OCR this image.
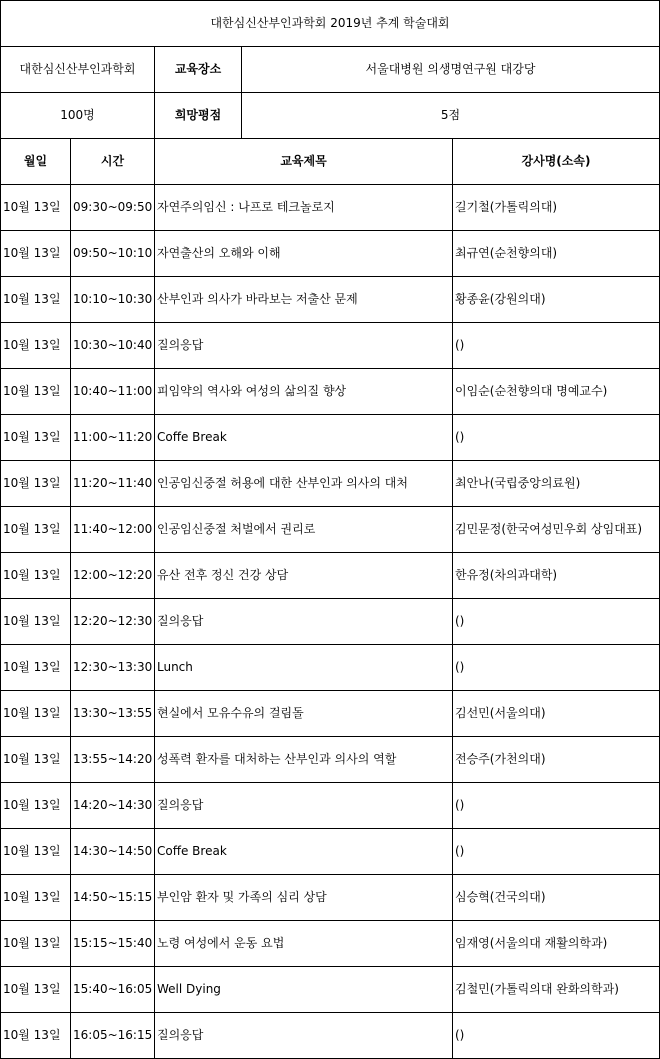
대한심신산부인과학회 2019년 추계 학술대회				
대한심신산부인과학회		교육장소	서울대병원 의생명연구원 대강당	
100명		희망평점	5점	
월일	시간	교육제목		강사명(소속)
10월 13일	09:30~09:50	자연주의임신 : 나프로 테크놀로지		길기철(가톨릭의대)
10월 13일	09:50~10:10	자연출산의 오해와 이해		최규연(순천향의대)
10월 13일	10:10~10:30	산부인과 의사가 바라보는 저출산 문제		황종윤(강원의대)
10월 13일	10:30~10:40	질의응답		()
10월 13일	10:40~11:00	피임약의 역사와 여성의 삶의질 향상		이임순(순천향의대 명예교수)
10월 13일	11:00~11:20	Coffe Break		()
10월 13일	11:20~11:40	인공임신중절 허용에 대한 산부인과 의사의 대처		최안나(국립중앙의료원)
10월 13일	11:40~12:00	인공임신중절 처벌에서 권리로		김민문정(한국여성민우회 상임대표)
10월 13일	12:00~12:20	유산 전후 정신 건강 상담		한유정(차의과대학)
10월 13일	12:20~12:30	질의응답		()
10월 13일	12:30~13:30	Lunch		()
10월 13일	13:30~13:55	현실에서 모유수유의 걸림돌		김선민(서울의대)
10월 13일	13:55~14:20	성폭력 환자를 대처하는 산부인과 의사의 역할		전승주(가천의대)
10월 13일	14:20~14:30	질의응답		()
10월 13일	14:30~14:50	Coffe Break		()
10월 13일	14:50~15:15	부인암 환자 및 가족의 심리 상담		심승혁(건국의대)
10월 13일	15:15~15:40	노령 여성에서 운동 요법		임재영(서울의대 재활의학과)
10월 13일	15:40~16:05	Well Dying		김철민(가톨릭의대 완화의학과)
10월 13일	16:05~16:15	질의응답		()
